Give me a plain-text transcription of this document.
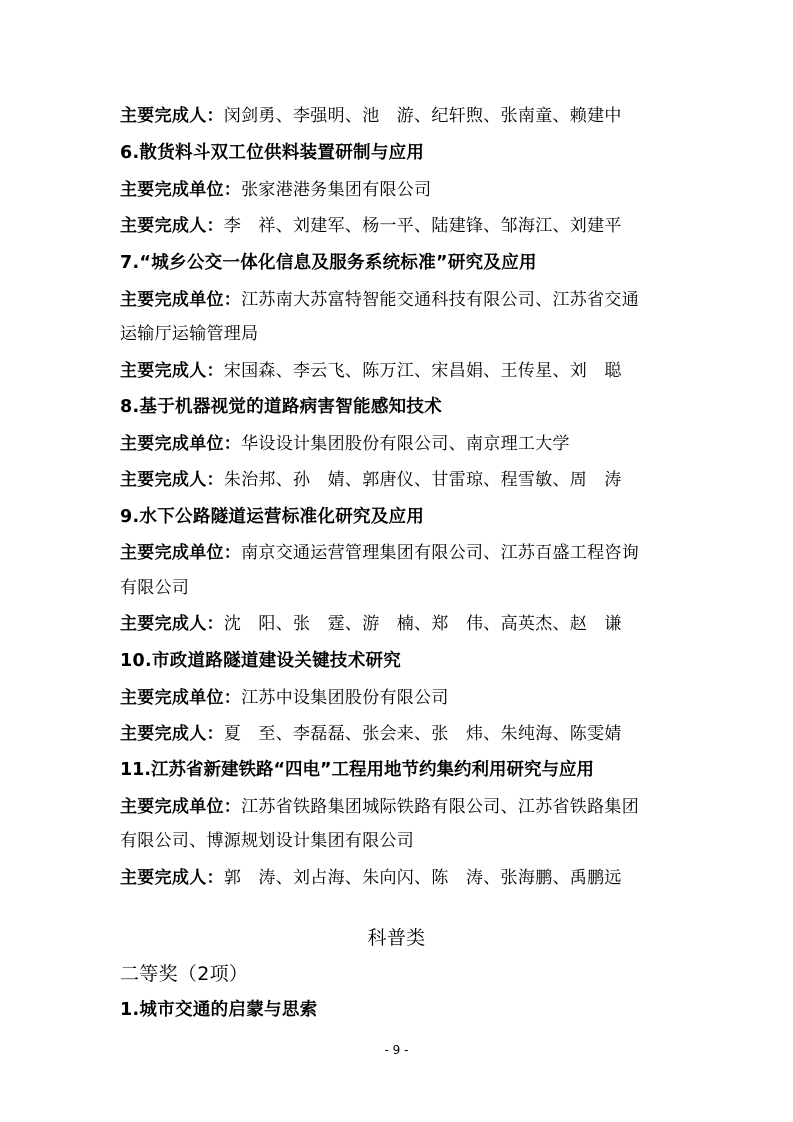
主要完成人：闵剑勇、李强明、池　游、纪轩煦、张南童、赖建中
6.散货料斗双工位供料装置研制与应用
主要完成单位：张家港港务集团有限公司
主要完成人：李　祥、刘建军、杨一平、陆建锋、邹海江、刘建平
7.“城乡公交一体化信息及服务系统标准”研究及应用
主要完成单位：江苏南大苏富特智能交通科技有限公司、江苏省交通
运输厅运输管理局
主要完成人：宋国森、李云飞、陈万江、宋昌娟、王传星、刘　聪
8.基于机器视觉的道路病害智能感知技术
主要完成单位：华设设计集团股份有限公司、南京理工大学
主要完成人：朱治邦、孙　婧、郭唐仪、甘雷琼、程雪敏、周　涛
9.水下公路隧道运营标准化研究及应用
主要完成单位：南京交通运营管理集团有限公司、江苏百盛工程咨询
有限公司
主要完成人：沈　阳、张　霆、游　楠、郑　伟、高英杰、赵　谦
10.市政道路隧道建设关键技术研究
主要完成单位：江苏中设集团股份有限公司
主要完成人：夏　至、李磊磊、张会来、张　炜、朱纯海、陈雯婧
11.江苏省新建铁路“四电”工程用地节约集约利用研究与应用
主要完成单位：江苏省铁路集团城际铁路有限公司、江苏省铁路集团
有限公司、博源规划设计集团有限公司
主要完成人：郭　涛、刘占海、朱向闪、陈　涛、张海鹏、禹鹏远
科普类
二等奖（2项）
1.城市交通的启蒙与思索
- 9 -
